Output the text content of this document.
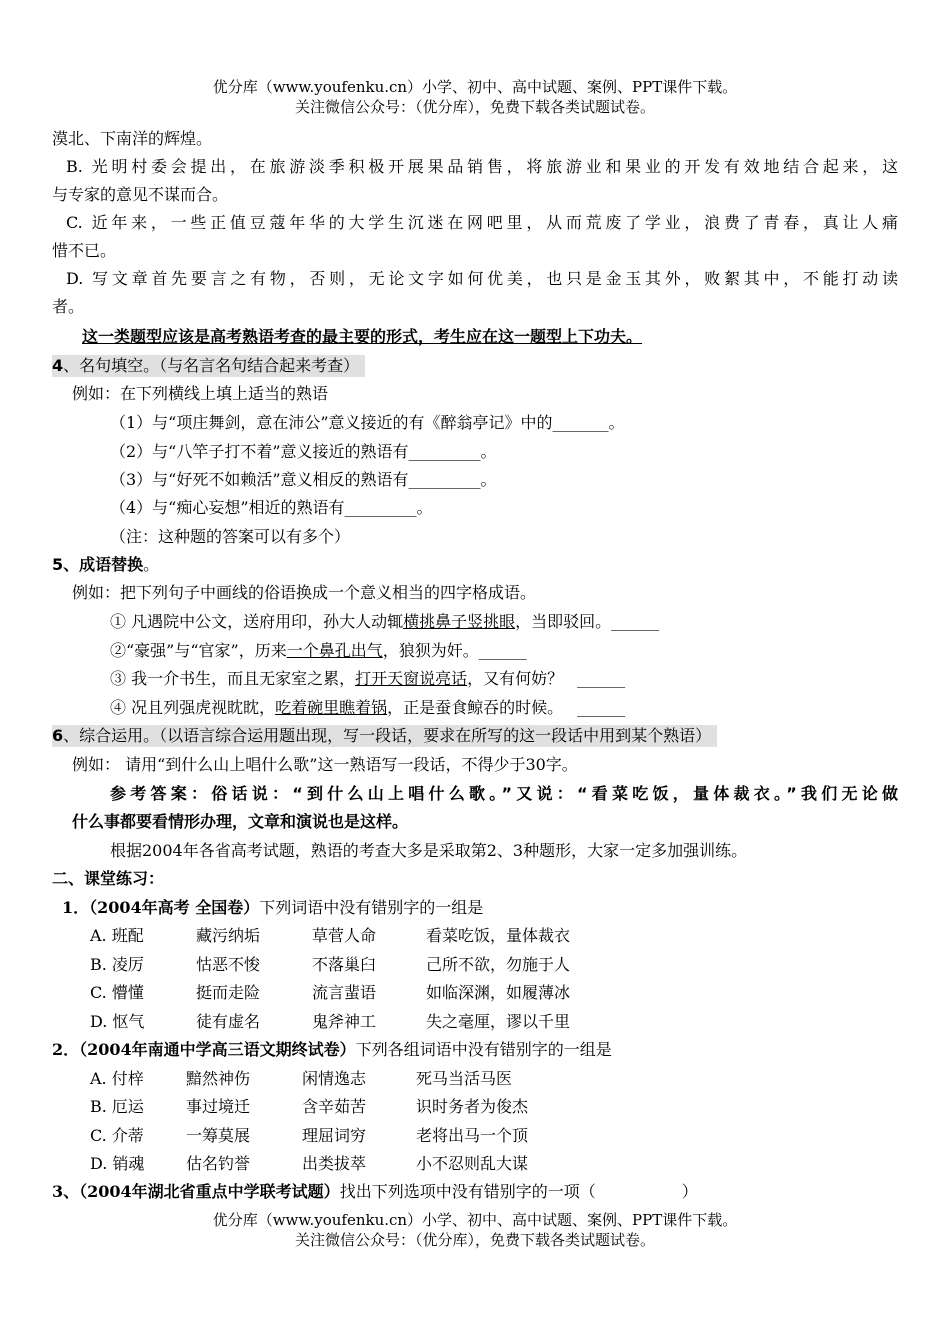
优分库（www.youfenku.cn）小学、初中、高中试题、案例、PPT课件下载。
关注微信公众号：（优分库），免费下载各类试题试卷。
漠北、下南洋的辉煌。
B. 光明村委会提出，在旅游淡季积极开展果品销售，将旅游业和果业的开发有效地结合起来，这
与专家的意见不谋而合。
C. 近年来，一些正值豆蔻年华的大学生沉迷在网吧里，从而荒废了学业，浪费了青春，真让人痛
惜不已。
D. 写文章首先要言之有物，否则，无论文字如何优美，也只是金玉其外，败絮其中，不能打动读
者。
这一类题型应该是高考熟语考查的最主要的形式，考生应在这一题型上下功夫。
4、名句填空。（与名言名句结合起来考查）
例如：在下列横线上填上适当的熟语
（1）与“项庄舞剑，意在沛公”意义接近的有《醉翁亭记》中的_______。
（2）与“八竿子打不着”意义接近的熟语有_________。
（3）与“好死不如赖活”意义相反的熟语有_________。
（4）与“痴心妄想”相近的熟语有_________。
（注：这种题的答案可以有多个）
5、成语替换。
例如：把下列句子中画线的俗语换成一个意义相当的四字格成语。
① 凡遇院中公文，送府用印，孙大人动辄横挑鼻子竖挑眼，当即驳回。______
②“豪强”与“官家”，历来一个鼻孔出气，狼狈为奸。______
③ 我一介书生，而且无家室之累，打开天窗说亮话，又有何妨？ ______
④ 况且列强虎视眈眈，吃着碗里瞧着锅，正是蚕食鲸吞的时候。 ______
6、综合运用。（以语言综合运用题出现，写一段话，要求在所写的这一段话中用到某个熟语）
例如： 请用“到什么山上唱什么歌”这一熟语写一段话，不得少于30字。
参考答案：俗话说：“到什么山上唱什么歌。”又说：“看菜吃饭，量体裁衣。”我们无论做
什么事都要看情形办理，文章和演说也是这样。
根据2004年各省高考试题，熟语的考查大多是采取第2、3种题形，大家一定多加强训练。
二、课堂练习：
1．（2004年高考 全国卷）下列词语中没有错别字的一组是
A. 班配	藏污纳垢	草菅人命	看菜吃饭，量体裁衣
B. 凌厉	怙恶不悛	不落巢臼	己所不欲，勿施于人
C. 懵懂	挺而走险	流言蜚语	如临深渊，如履薄冰
D. 怄气	徒有虚名	鬼斧神工	失之毫厘，谬以千里
2．（2004年南通中学高三语文期终试卷）下列各组词语中没有错别字的一组是
A. 付梓	黯然神伤	闲情逸志	死马当活马医
B. 厄运	事过境迁	含辛茹苦	识时务者为俊杰
C. 介蒂	一筹莫展	理屈词穷	老将出马一个顶
D. 销魂	估名钓誉	出类拔萃	小不忍则乱大谋
3、（2004年湖北省重点中学联考试题）找出下列选项中没有错别字的一项（	）
优分库（www.youfenku.cn）小学、初中、高中试题、案例、PPT课件下载。
关注微信公众号：（优分库），免费下载各类试题试卷。
